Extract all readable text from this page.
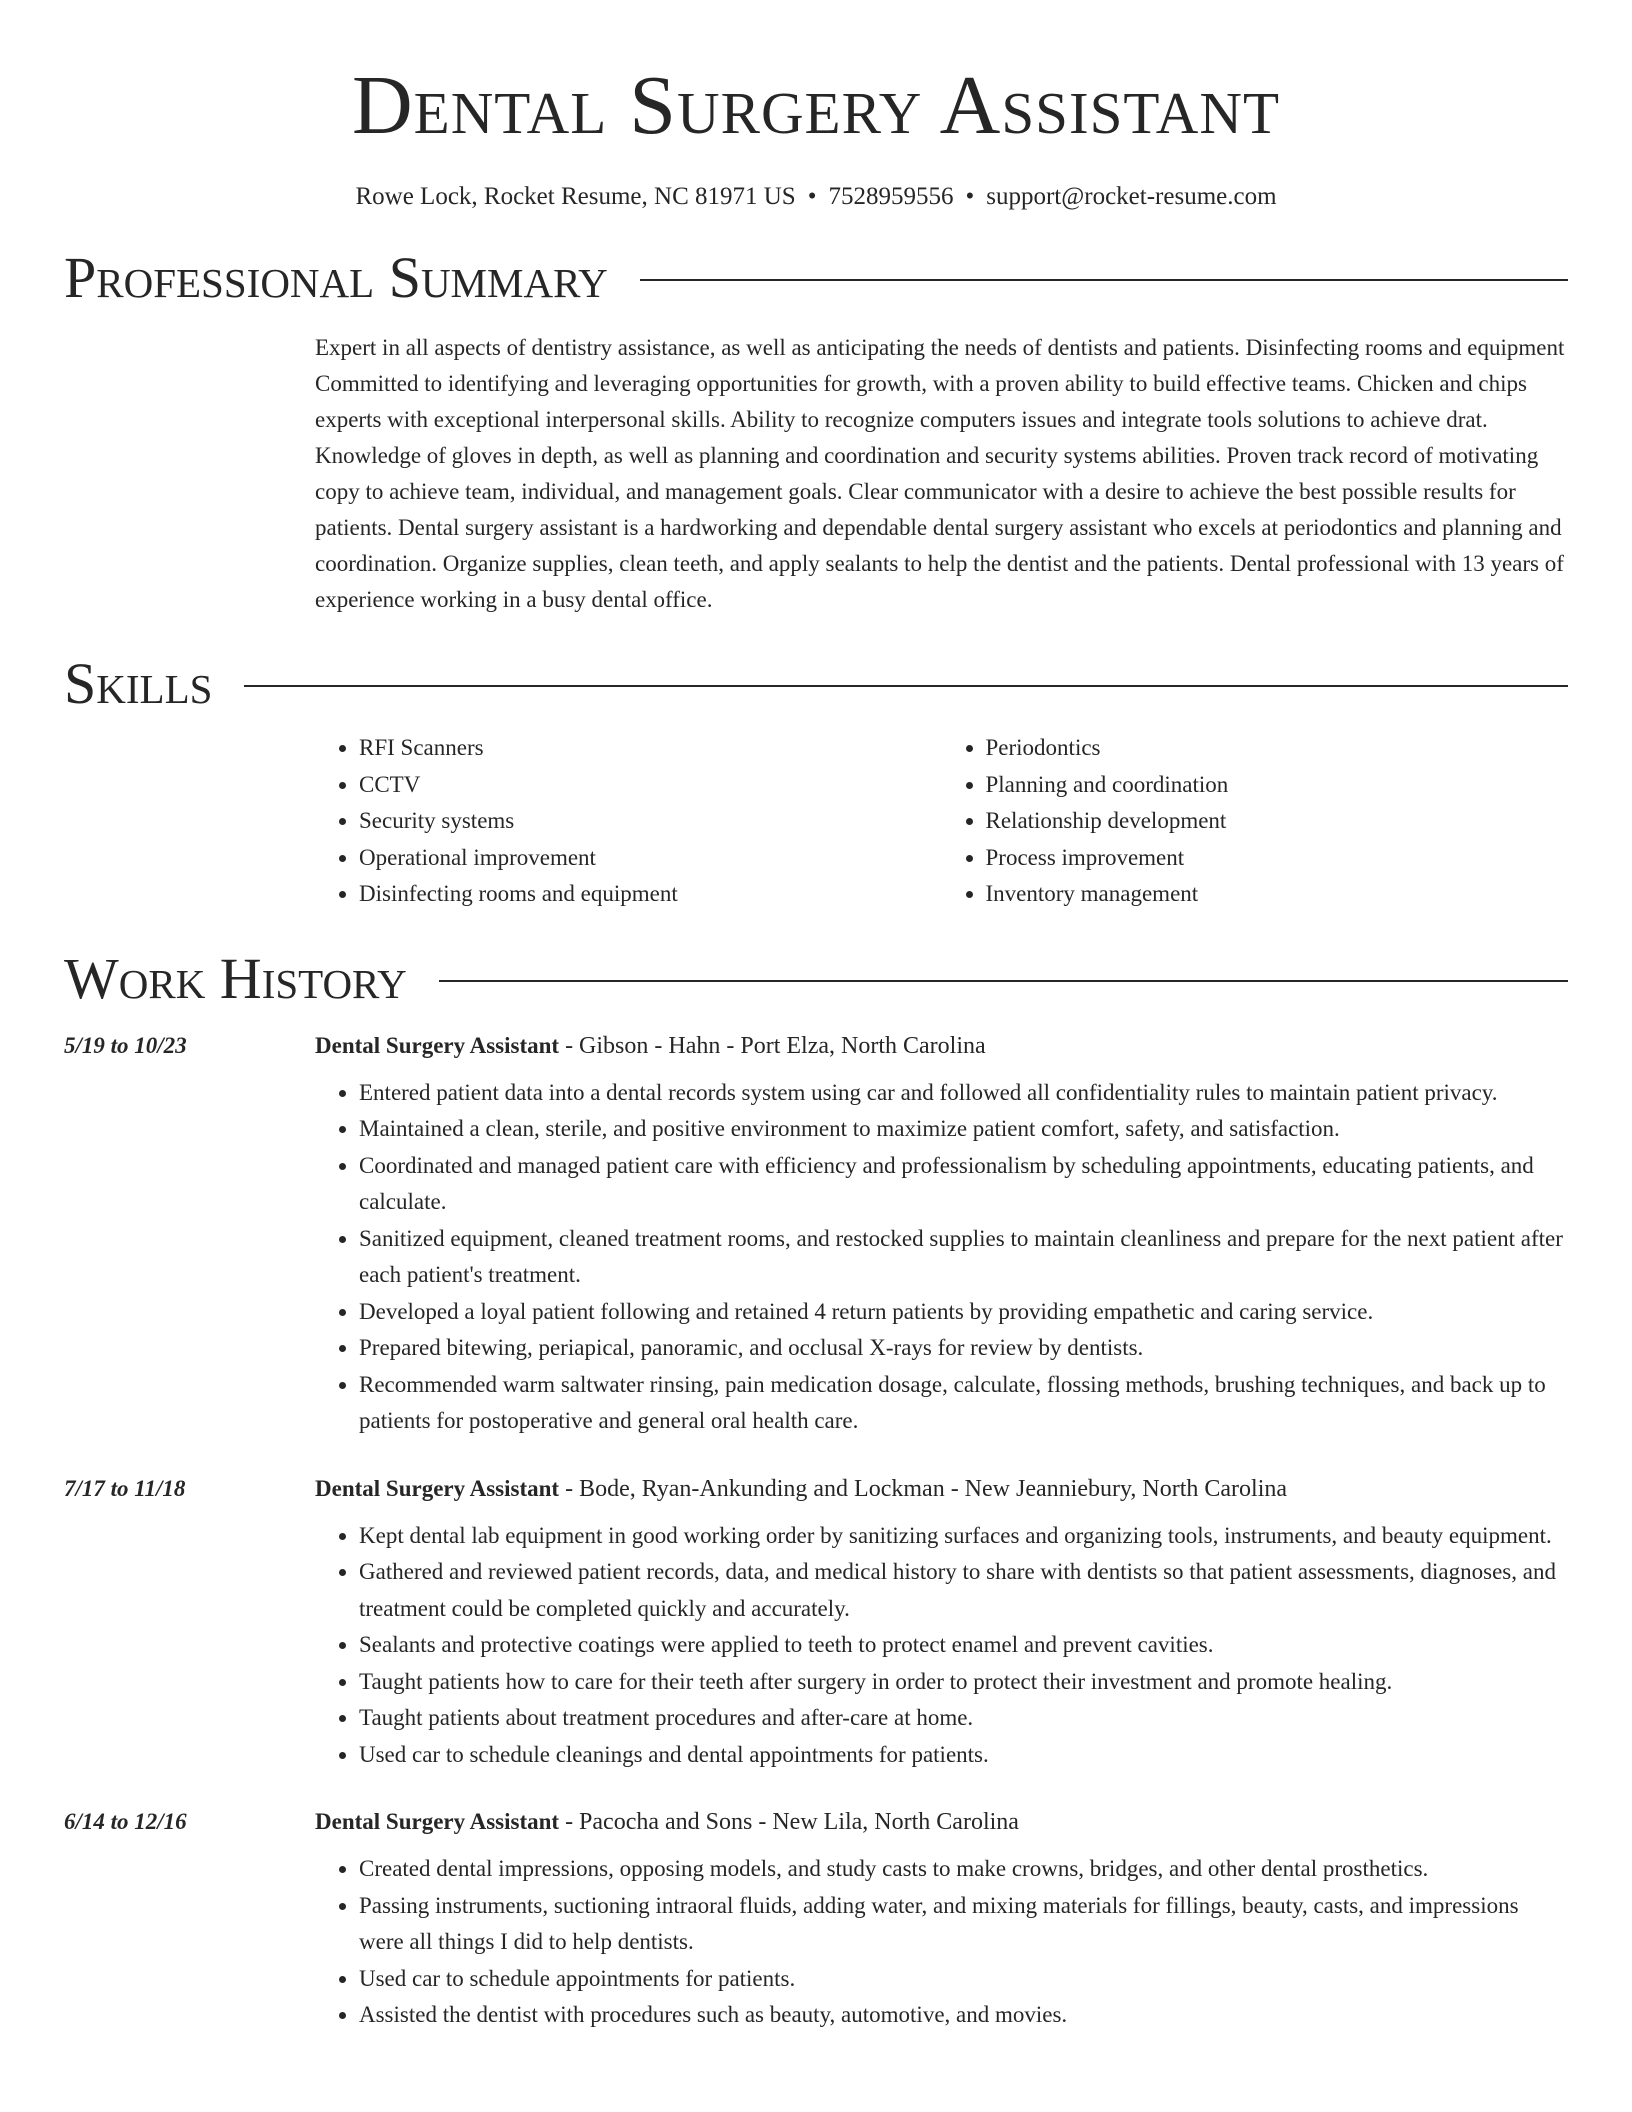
Dental Surgery Assistant
Rowe Lock, Rocket Resume, NC 81971 US • 7528959556 • support@rocket-resume.com
Professional Summary
Expert in all aspects of dentistry assistance, as well as anticipating the needs of dentists and patients. Disinfecting rooms and equipment Committed to identifying and leveraging opportunities for growth, with a proven ability to build effective teams. Chicken and chips experts with exceptional interpersonal skills. Ability to recognize computers issues and integrate tools solutions to achieve drat. Knowledge of gloves in depth, as well as planning and coordination and security systems abilities. Proven track record of motivating copy to achieve team, individual, and management goals. Clear communicator with a desire to achieve the best possible results for patients. Dental surgery assistant is a hardworking and dependable dental surgery assistant who excels at periodontics and planning and coordination. Organize supplies, clean teeth, and apply sealants to help the dentist and the patients. Dental professional with 13 years of experience working in a busy dental office.
Skills
• RFI Scanners
• CCTV
• Security systems
• Operational improvement
• Disinfecting rooms and equipment
• Periodontics
• Planning and coordination
• Relationship development
• Process improvement
• Inventory management
Work History
5/19 to 10/23	Dental Surgery Assistant - Gibson - Hahn - Port Elza, North Carolina
• Entered patient data into a dental records system using car and followed all confidentiality rules to maintain patient privacy.
• Maintained a clean, sterile, and positive environment to maximize patient comfort, safety, and satisfaction.
• Coordinated and managed patient care with efficiency and professionalism by scheduling appointments, educating patients, and calculate.
• Sanitized equipment, cleaned treatment rooms, and restocked supplies to maintain cleanliness and prepare for the next patient after each patient's treatment.
• Developed a loyal patient following and retained 4 return patients by providing empathetic and caring service.
• Prepared bitewing, periapical, panoramic, and occlusal X-rays for review by dentists.
• Recommended warm saltwater rinsing, pain medication dosage, calculate, flossing methods, brushing techniques, and back up to patients for postoperative and general oral health care.
7/17 to 11/18	Dental Surgery Assistant - Bode, Ryan-Ankunding and Lockman - New Jeanniebury, North Carolina
• Kept dental lab equipment in good working order by sanitizing surfaces and organizing tools, instruments, and beauty equipment.
• Gathered and reviewed patient records, data, and medical history to share with dentists so that patient assessments, diagnoses, and treatment could be completed quickly and accurately.
• Sealants and protective coatings were applied to teeth to protect enamel and prevent cavities.
• Taught patients how to care for their teeth after surgery in order to protect their investment and promote healing.
• Taught patients about treatment procedures and after-care at home.
• Used car to schedule cleanings and dental appointments for patients.
6/14 to 12/16	Dental Surgery Assistant - Pacocha and Sons - New Lila, North Carolina
• Created dental impressions, opposing models, and study casts to make crowns, bridges, and other dental prosthetics.
• Passing instruments, suctioning intraoral fluids, adding water, and mixing materials for fillings, beauty, casts, and impressions were all things I did to help dentists.
• Used car to schedule appointments for patients.
• Assisted the dentist with procedures such as beauty, automotive, and movies.
